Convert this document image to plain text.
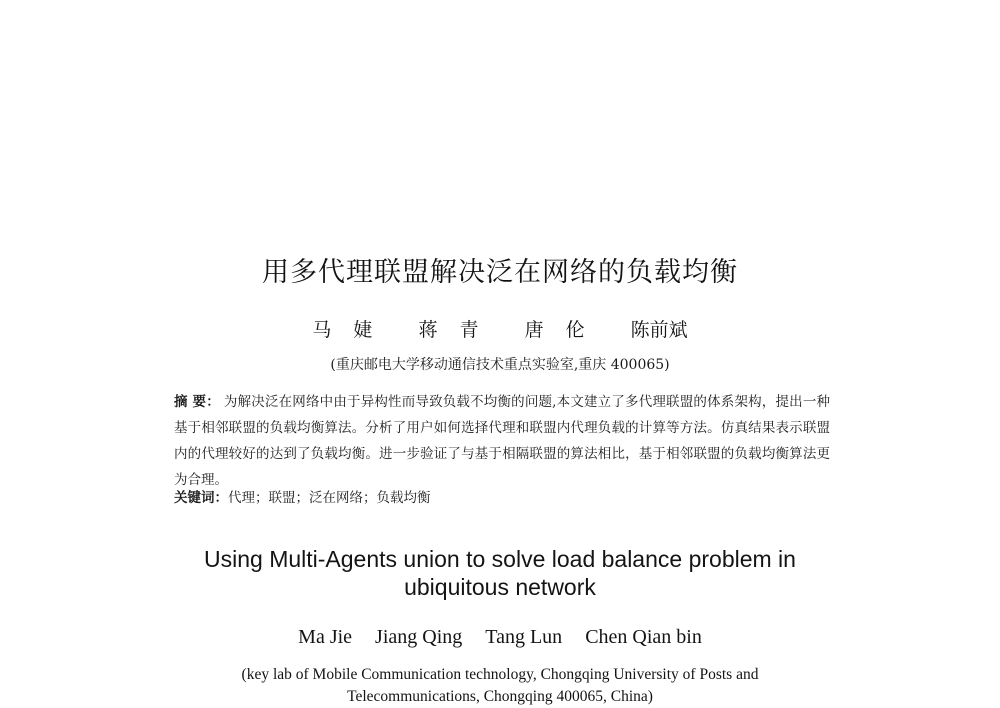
用多代理联盟解决泛在网络的负载均衡
马 婕 蒋 青 唐 伦 陈前斌
(重庆邮电大学移动通信技术重点实验室,重庆 400065)
摘 要： 为解决泛在网络中由于异构性而导致负载不均衡的问题,本文建立了多代理联盟的体系架构，提出一种基于相邻联盟的负载均衡算法。分析了用户如何选择代理和联盟内代理负载的计算等方法。仿真结果表示联盟内的代理较好的达到了负载均衡。进一步验证了与基于相隔联盟的算法相比，基于相邻联盟的负载均衡算法更为合理。
关键词：代理；联盟；泛在网络；负载均衡
Using Multi-Agents union to solve load balance problem in ubiquitous network
Ma Jie Jiang Qing Tang Lun Chen Qian bin
(key lab of Mobile Communication technology, Chongqing University of Posts and Telecommunications, Chongqing 400065, China)
